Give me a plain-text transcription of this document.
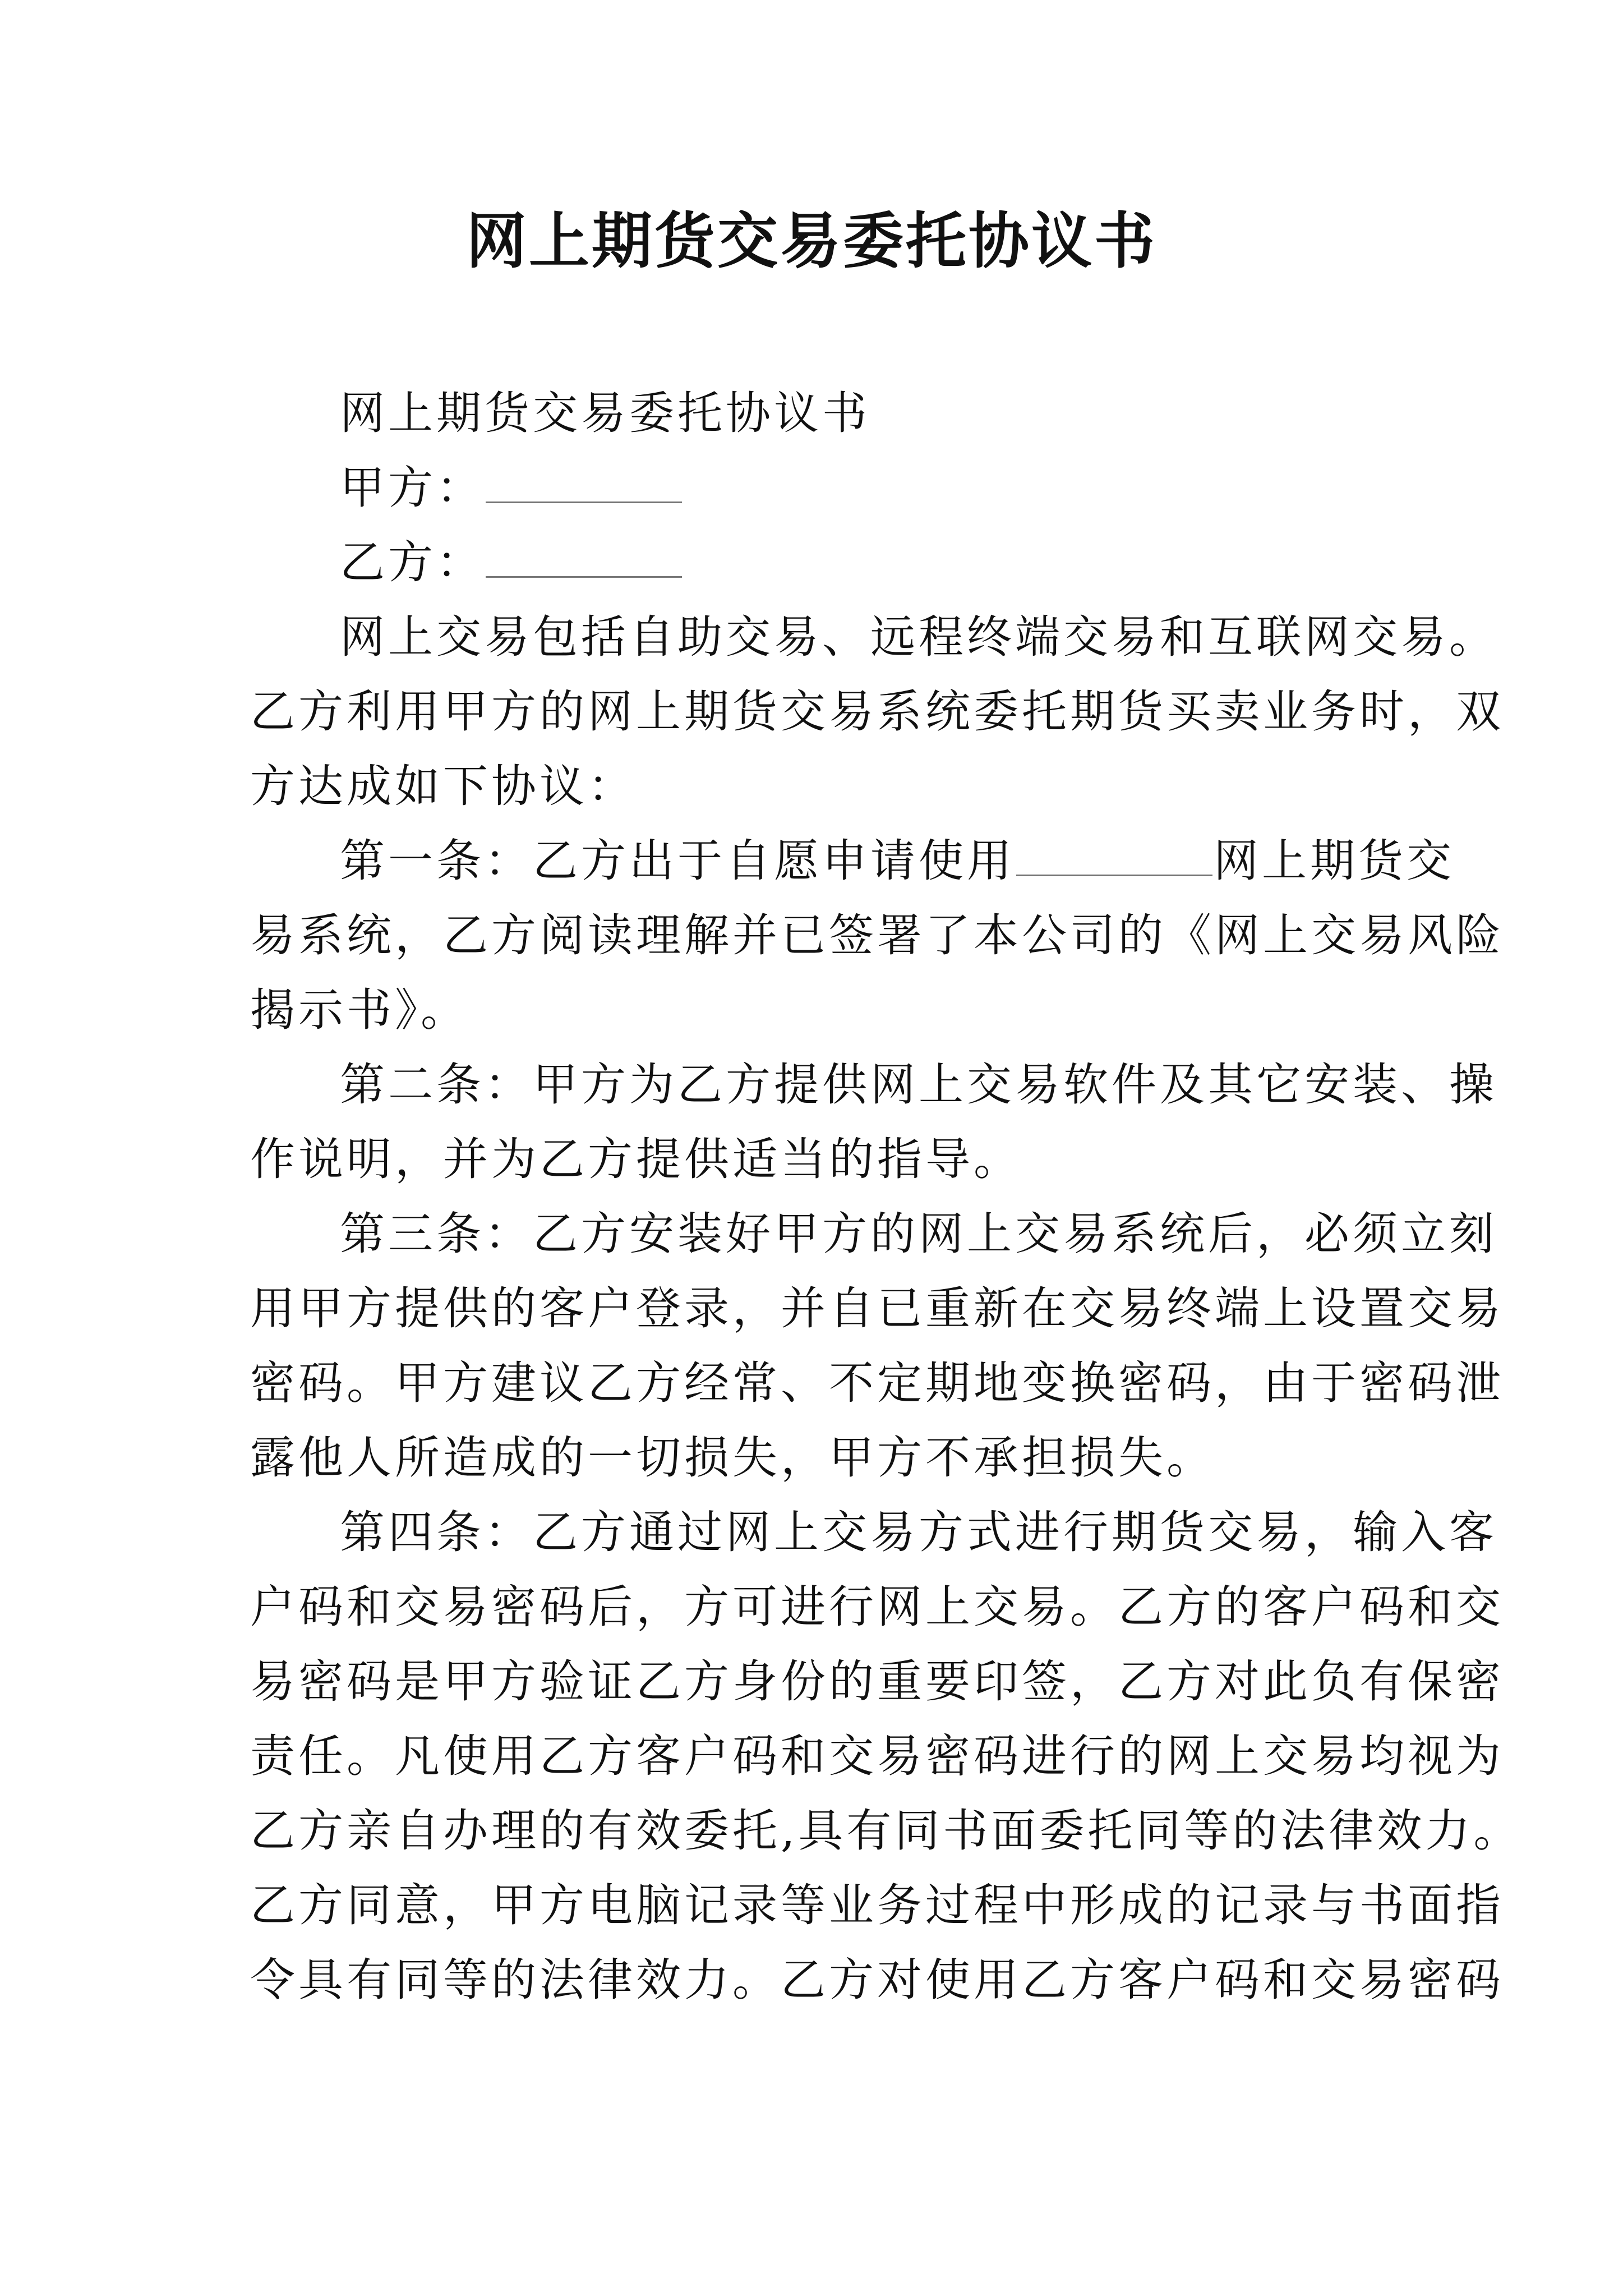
网上期货交易委托协议书
网上期货交易委托协议书
甲方：
乙方：
网上交易包括自助交易、远程终端交易和互联网交易。
乙方利用甲方的网上期货交易系统委托期货买卖业务时，双
方达成如下协议：
第一条：乙方出于自愿申请使用	网上期货交
易系统，乙方阅读理解并已签署了本公司的《网上交易风险
揭示书》。
第二条：甲方为乙方提供网上交易软件及其它安装、操
作说明，并为乙方提供适当的指导。
第三条：乙方安装好甲方的网上交易系统后，必须立刻
用甲方提供的客户登录，并自已重新在交易终端上设置交易
密码。甲方建议乙方经常、不定期地变换密码，由于密码泄
露他人所造成的一切损失，甲方不承担损失。
第四条：乙方通过网上交易方式进行期货交易，输入客
户码和交易密码后，方可进行网上交易。乙方的客户码和交
易密码是甲方验证乙方身份的重要印签，乙方对此负有保密
责任。凡使用乙方客户码和交易密码进行的网上交易均视为
乙方亲自办理的有效委托,具有同书面委托同等的法律效力。
乙方同意，甲方电脑记录等业务过程中形成的记录与书面指
令具有同等的法律效力。乙方对使用乙方客户码和交易密码
